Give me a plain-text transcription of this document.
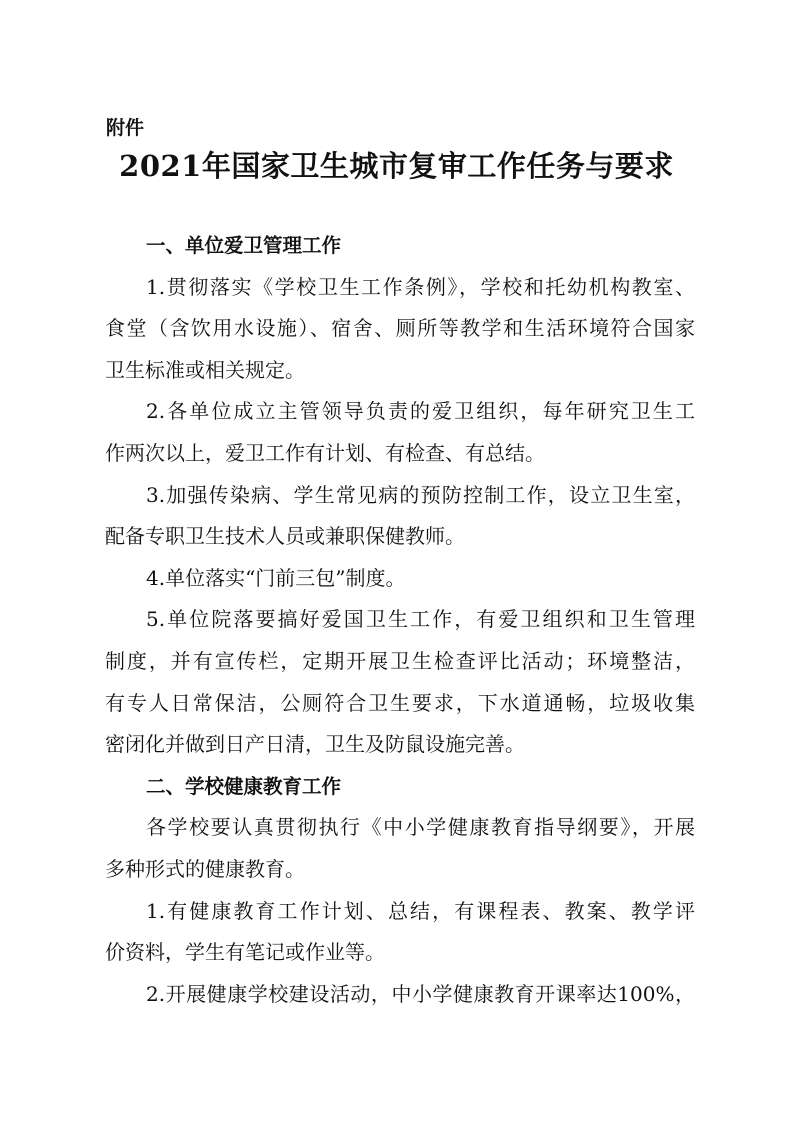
附件
2021年国家卫生城市复审工作任务与要求
一、单位爱卫管理工作
1.贯彻落实《学校卫生工作条例》，学校和托幼机构教室、
食堂（含饮用水设施）、宿舍、厕所等教学和生活环境符合国家
卫生标准或相关规定。
2.各单位成立主管领导负责的爱卫组织，每年研究卫生工
作两次以上，爱卫工作有计划、有检查、有总结。
3.加强传染病、学生常见病的预防控制工作，设立卫生室，
配备专职卫生技术人员或兼职保健教师。
4.单位落实“门前三包”制度。
5.单位院落要搞好爱国卫生工作，有爱卫组织和卫生管理
制度，并有宣传栏，定期开展卫生检查评比活动；环境整洁，
有专人日常保洁，公厕符合卫生要求，下水道通畅，垃圾收集
密闭化并做到日产日清，卫生及防鼠设施完善。
二、学校健康教育工作
各学校要认真贯彻执行《中小学健康教育指导纲要》，开展
多种形式的健康教育。
1.有健康教育工作计划、总结，有课程表、教案、教学评
价资料，学生有笔记或作业等。
2.开展健康学校建设活动，中小学健康教育开课率达100%，
